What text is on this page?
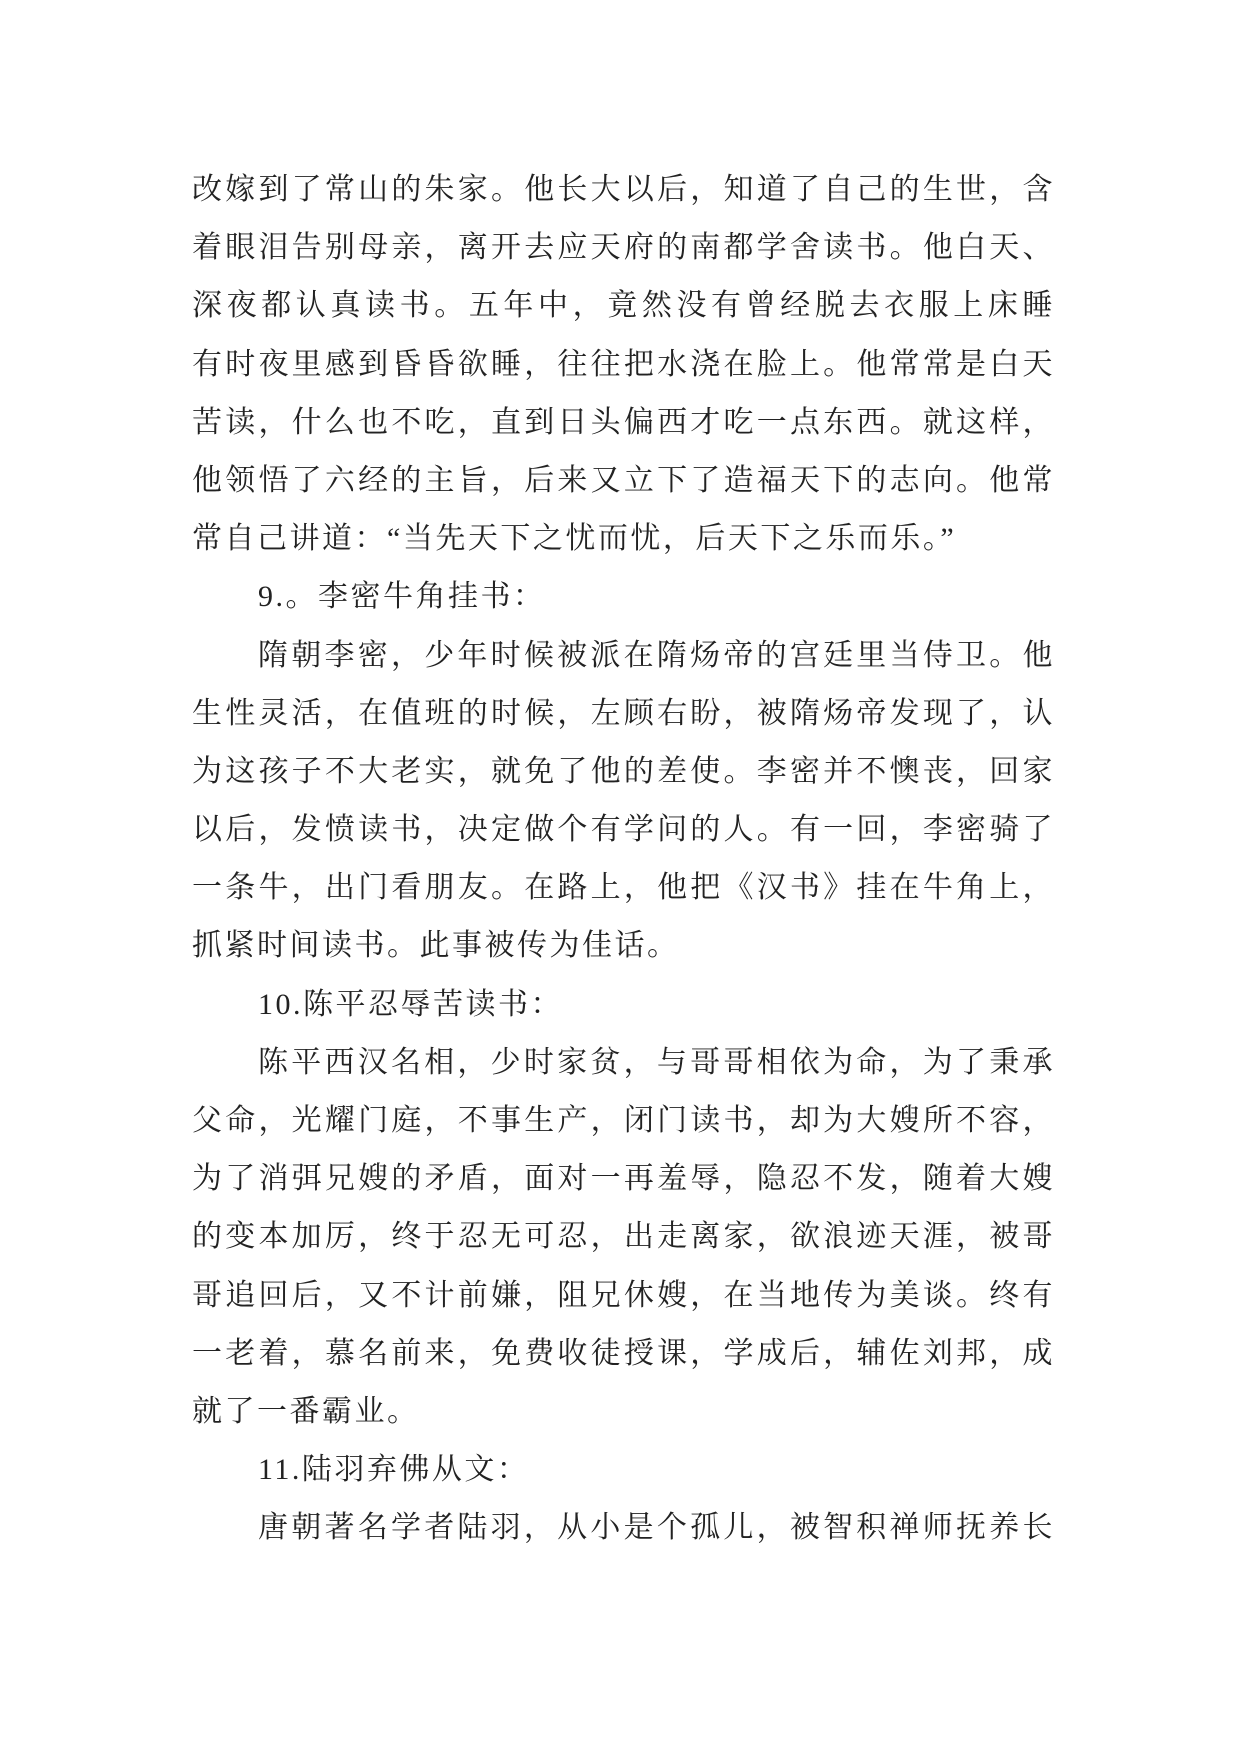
改嫁到了常山的朱家。他长大以后，知道了自己的生世，含
着眼泪告别母亲，离开去应天府的南都学舍读书。他白天、
深夜都认真读书。五年中，竟然没有曾经脱去衣服上床睡
有时夜里感到昏昏欲睡，往往把水浇在脸上。他常常是白天
苦读，什么也不吃，直到日头偏西才吃一点东西。就这样，
他领悟了六经的主旨，后来又立下了造福天下的志向。他常
常自己讲道：“当先天下之忧而忧，后天下之乐而乐。”
9.。李密牛角挂书：
隋朝李密，少年时候被派在隋炀帝的宫廷里当侍卫。他
生性灵活，在值班的时候，左顾右盼，被隋炀帝发现了，认
为这孩子不大老实，就免了他的差使。李密并不懊丧，回家
以后，发愤读书，决定做个有学问的人。有一回，李密骑了
一条牛，出门看朋友。在路上，他把《汉书》挂在牛角上，
抓紧时间读书。此事被传为佳话。
10.陈平忍辱苦读书：
陈平西汉名相，少时家贫，与哥哥相依为命，为了秉承
父命，光耀门庭，不事生产，闭门读书，却为大嫂所不容，
为了消弭兄嫂的矛盾，面对一再羞辱，隐忍不发，随着大嫂
的变本加厉，终于忍无可忍，出走离家，欲浪迹天涯，被哥
哥追回后，又不计前嫌，阻兄休嫂，在当地传为美谈。终有
一老着，慕名前来，免费收徒授课，学成后，辅佐刘邦，成
就了一番霸业。
11.陆羽弃佛从文：
唐朝著名学者陆羽，从小是个孤儿，被智积禅师抚养长
